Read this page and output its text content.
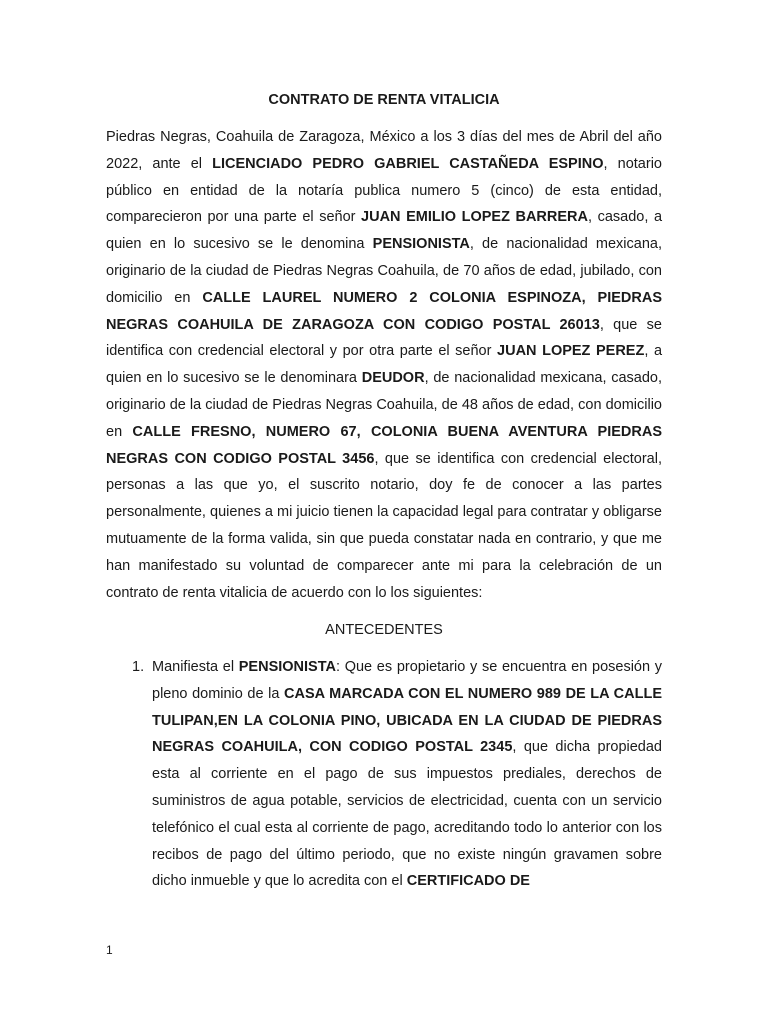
CONTRATO DE RENTA VITALICIA

Piedras Negras, Coahuila de Zaragoza, México a los 3 días del mes de Abril del año 2022, ante el LICENCIADO PEDRO GABRIEL CASTAÑEDA ESPINO, notario público en entidad de la notaría publica numero 5 (cinco) de esta entidad, comparecieron por una parte el señor JUAN EMILIO LOPEZ BARRERA, casado, a quien en lo sucesivo se le denomina PENSIONISTA, de nacionalidad mexicana, originario de la ciudad de Piedras Negras Coahuila, de 70 años de edad, jubilado, con domicilio en CALLE LAUREL NUMERO 2 COLONIA ESPINOZA, PIEDRAS NEGRAS COAHUILA DE ZARAGOZA CON CODIGO POSTAL 26013, que se identifica con credencial electoral y por otra parte el señor JUAN LOPEZ PEREZ, a quien en lo sucesivo se le denominara DEUDOR, de nacionalidad mexicana, casado, originario de la ciudad de Piedras Negras Coahuila, de 48 años de edad, con domicilio en CALLE FRESNO, NUMERO 67, COLONIA BUENA AVENTURA PIEDRAS NEGRAS CON CODIGO POSTAL 3456, que se identifica con credencial electoral, personas a las que yo, el suscrito notario, doy fe de conocer a las partes personalmente, quienes a mi juicio tienen la capacidad legal para contratar y obligarse mutuamente de la forma valida, sin que pueda constatar nada en contrario, y que me han manifestado su voluntad de comparecer ante mi para la celebración de un contrato de renta vitalicia de acuerdo con lo los siguientes:

ANTECEDENTES
1. Manifiesta el PENSIONISTA: Que es propietario y se encuentra en posesión y pleno dominio de la CASA MARCADA CON EL NUMERO 989 DE LA CALLE TULIPAN,EN LA COLONIA PINO, UBICADA EN LA CIUDAD DE PIEDRAS NEGRAS COAHUILA, CON CODIGO POSTAL 2345, que dicha propiedad esta al corriente en el pago de sus impuestos prediales, derechos de suministros de agua potable, servicios de electricidad, cuenta con un servicio telefónico el cual esta al corriente de pago, acreditando todo lo anterior con los recibos de pago del último periodo, que no existe ningún gravamen sobre dicho inmueble y que lo acredita con el CERTIFICADO DE

1
